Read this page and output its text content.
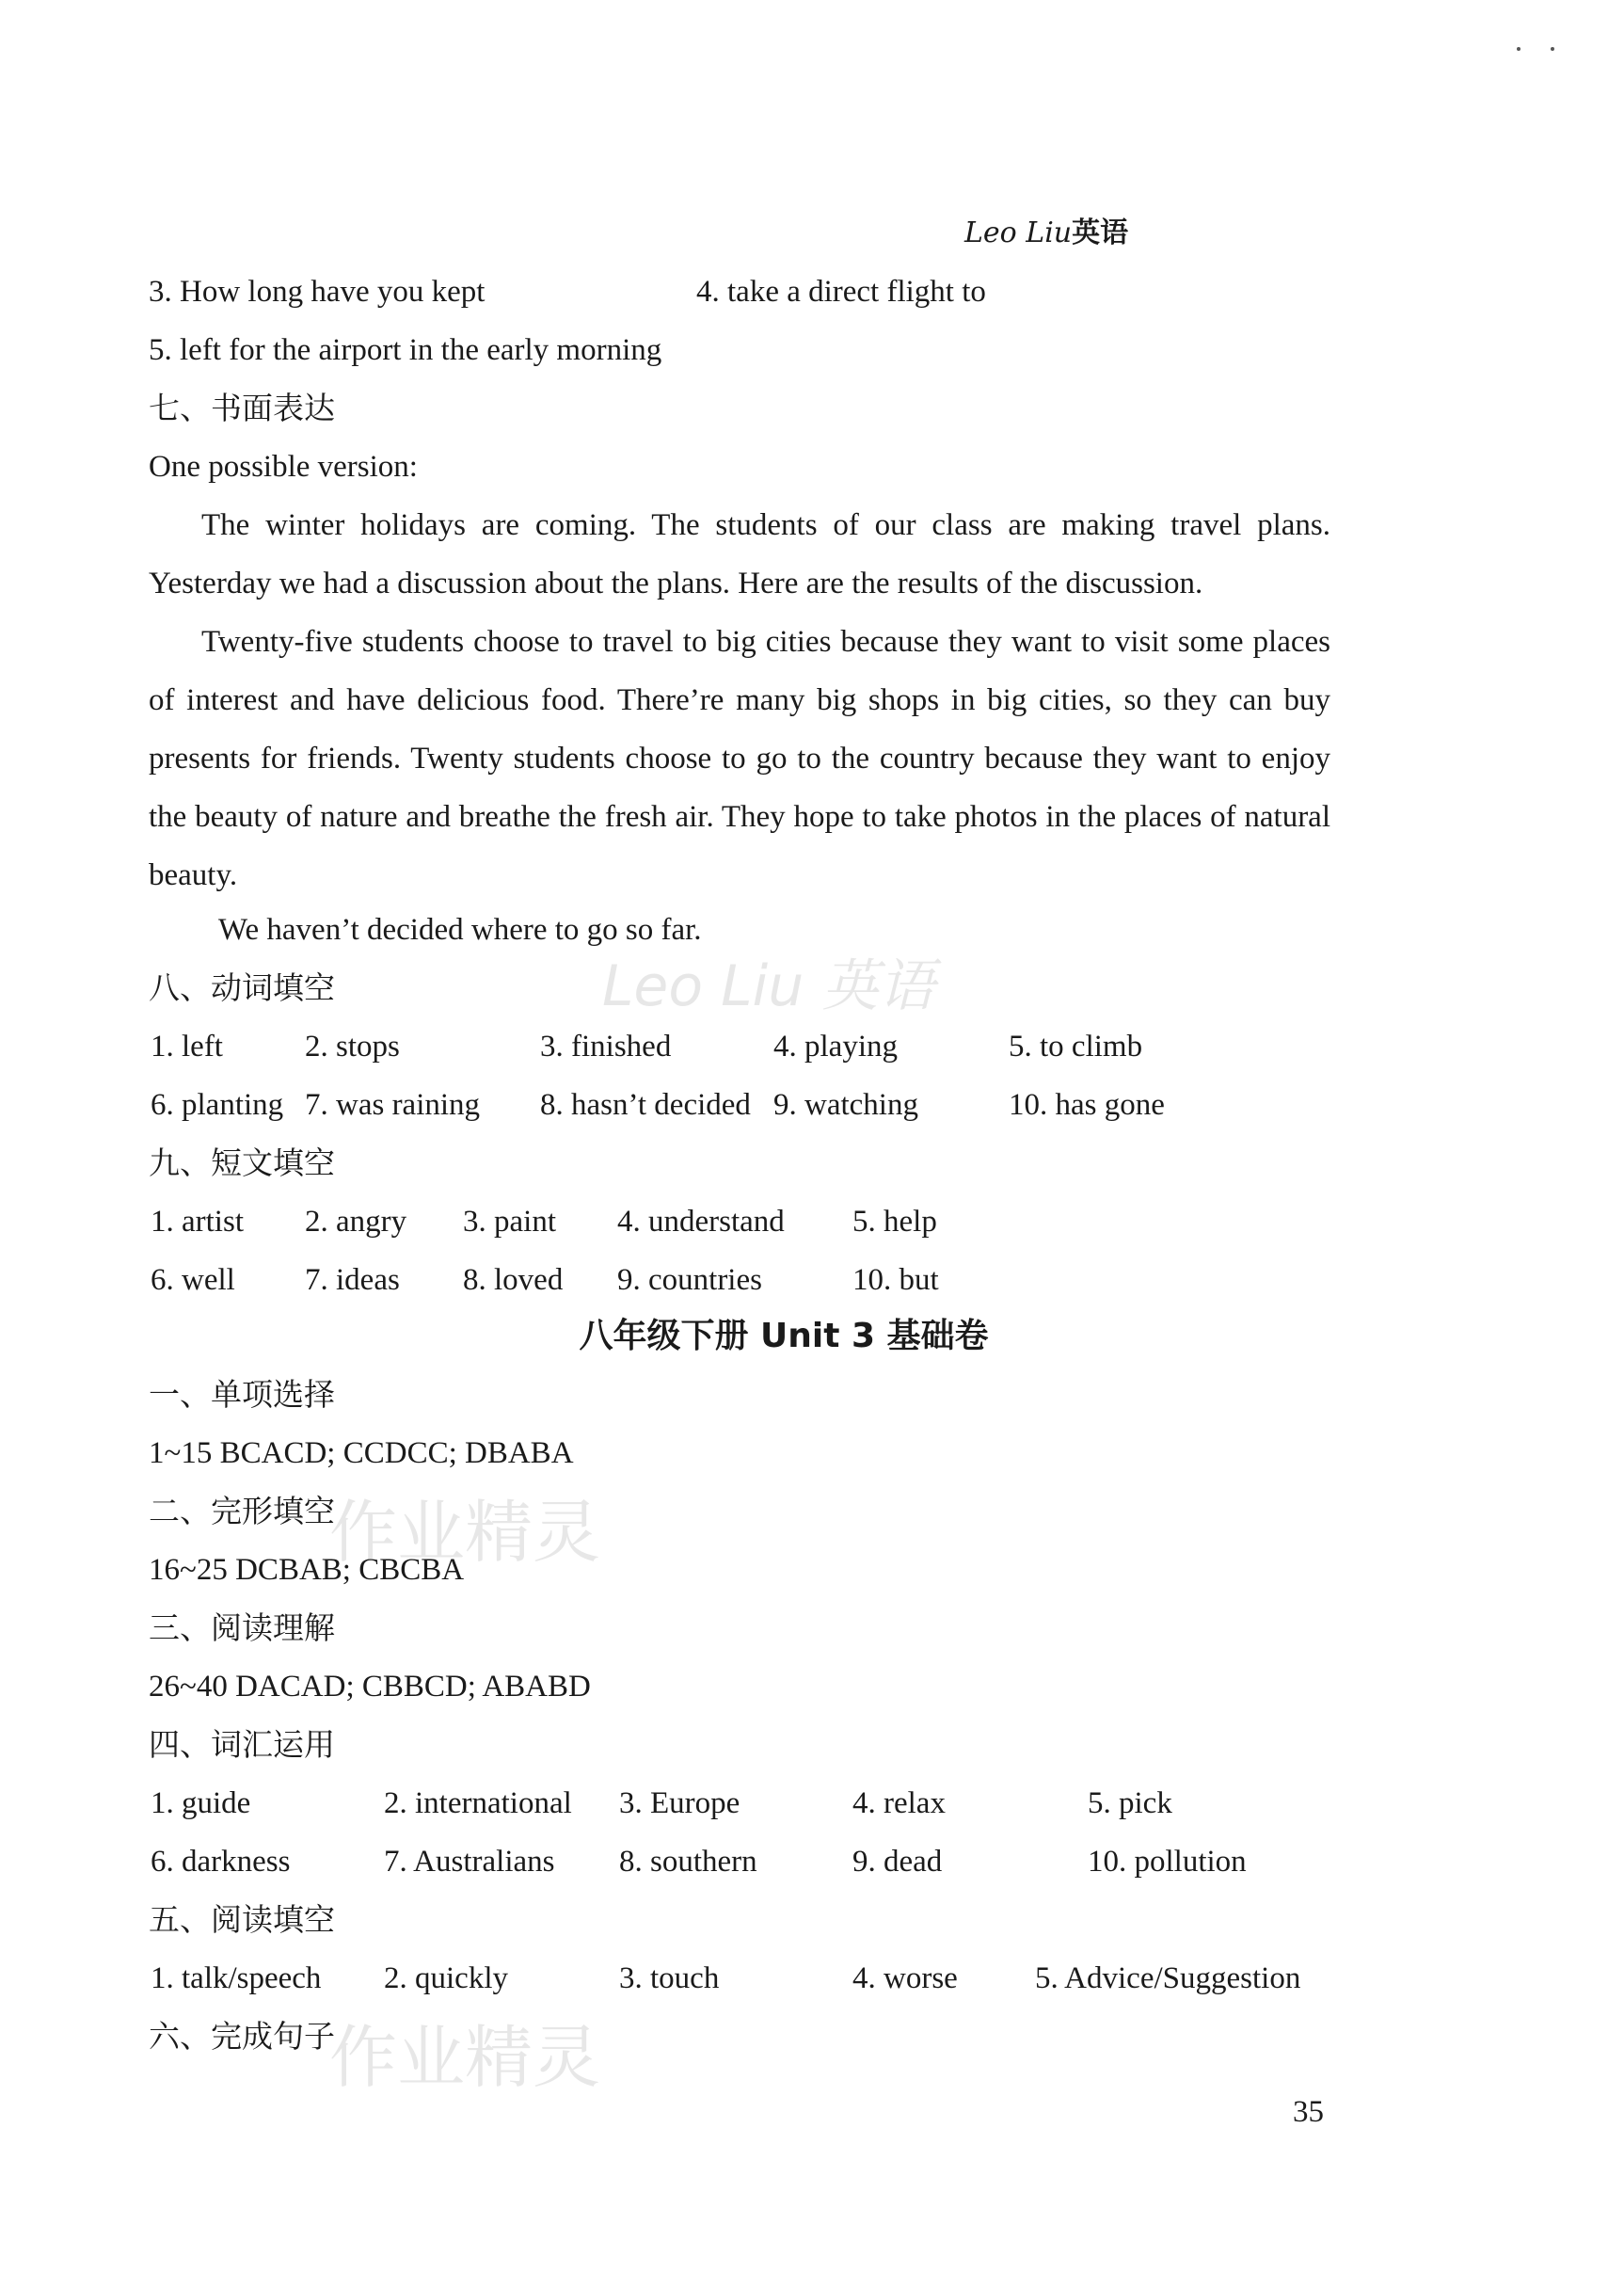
Leo Liu英语
3. How long have you kept	4. take a direct flight to
5. left for the airport in the early morning
七、书面表达
One possible version:
The winter holidays are coming. The students of our class are making travel plans. Yesterday we had a discussion about the plans. Here are the results of the discussion.
Twenty-five students choose to travel to big cities because they want to visit some places of interest and have delicious food. There’re many big shops in big cities, so they can buy presents for friends. Twenty students choose to go to the country because they want to enjoy the beauty of nature and breathe the fresh air. They hope to take photos in the places of natural beauty.
We haven’t decided where to go so far.
八、动词填空
1. left	2. stops	3. finished	4. playing	5. to climb
6. planting 7. was raining 8. hasn’t decided 9. watching	10. has gone
九、短文填空
1. artist 2. angry 3. paint 4. understand 5. help
6. well 7. ideas 8. loved 9. countries	10. but
八年级下册 Unit 3 基础卷
一、单项选择
1~15 BCACD; CCDCC; DBABA
二、完形填空
16~25 DCBAB; CBCBA
三、阅读理解
26~40 DACAD; CBBCD; ABABD
四、词汇运用
1. guide	2. international 3. Europe	4. relax	5. pick
6. darkness	7. Australians 8. southern	9. dead	10. pollution
五、阅读填空
1. talk/speech 2. quickly	3. touch	4. worse 5. Advice/Suggestion
六、完成句子
作业精灵
作业精灵
Leo Liu 英语
35
